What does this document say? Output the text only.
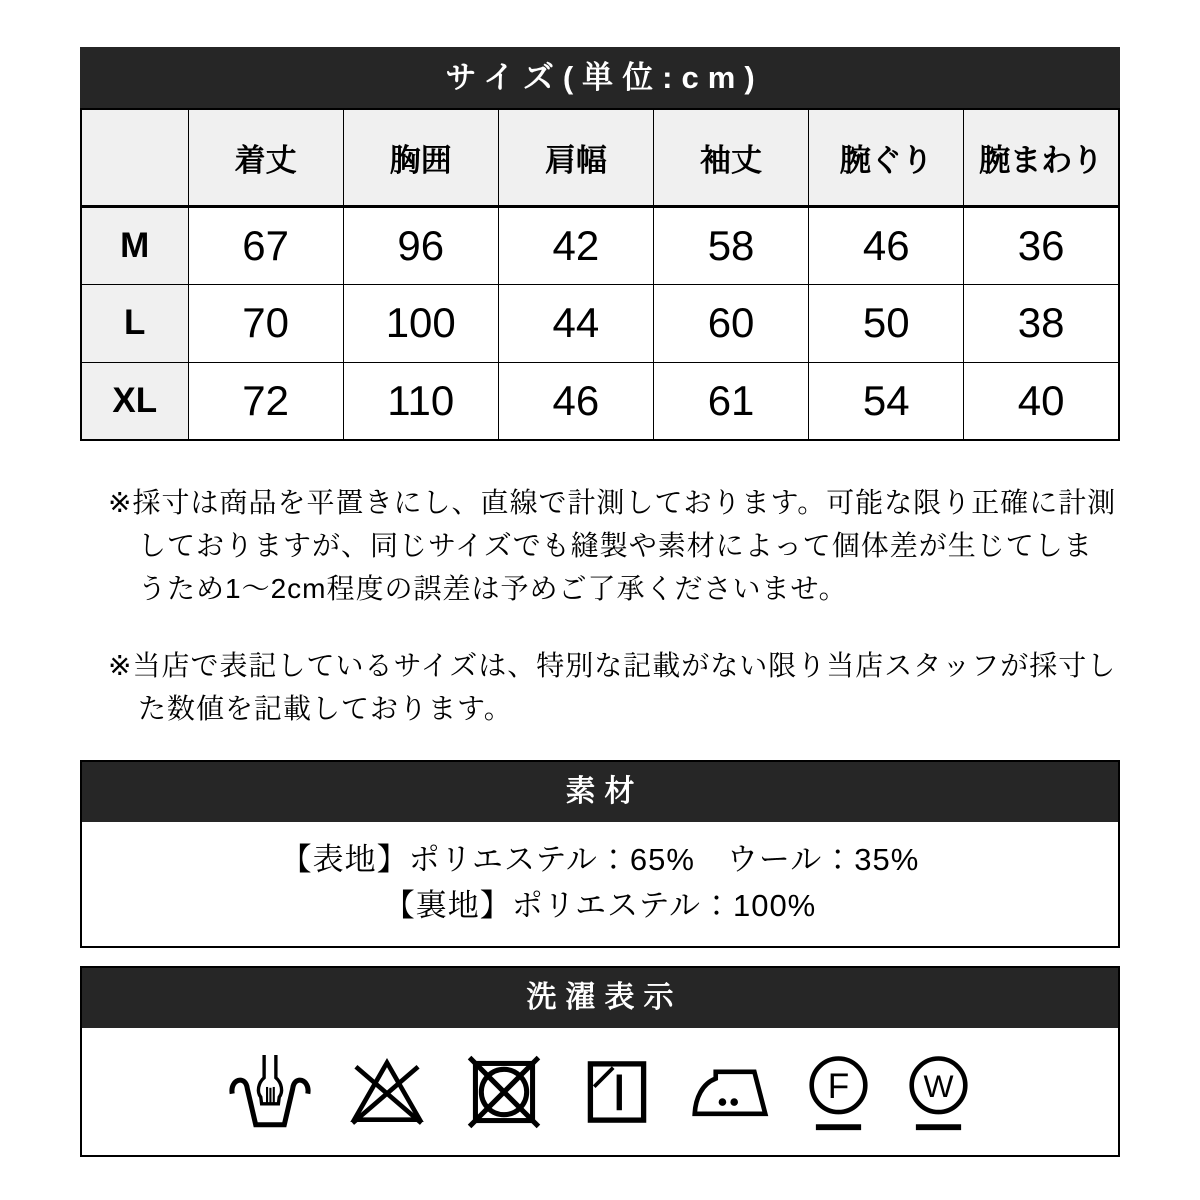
サイズ(単位:cm)
	着丈	胸囲	肩幅	袖丈	腕ぐり	腕まわり
M	67	96	42	58	46	36
L	70	100	44	60	50	38
XL	72	110	46	61	54	40

※採寸は商品を平置きにし、直線で計測しております。可能な限り正確に計測しておりますが、同じサイズでも縫製や素材によって個体差が生じてしまうため1〜2cm程度の誤差は予めご了承くださいませ。

※当店で表記しているサイズは、特別な記載がない限り当店スタッフが採寸した数値を記載しております。

素材
【表地】ポリエステル：65%　ウール：35%
【裏地】ポリエステル：100%
洗濯表示
F W
